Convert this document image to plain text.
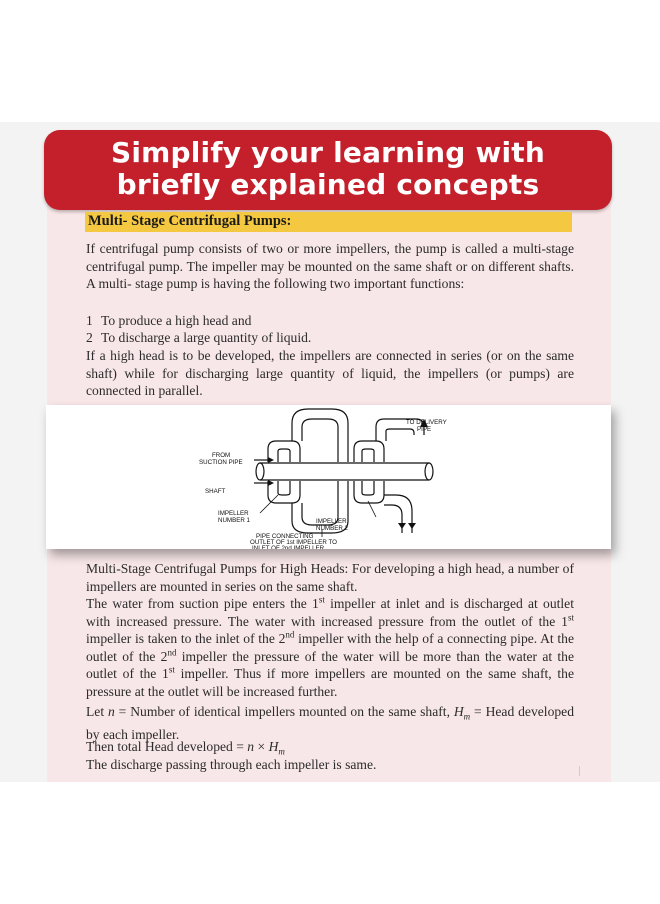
Simplify your learning with
briefly explained concepts
Multi- Stage Centrifugal Pumps:
If centrifugal pump consists of two or more impellers, the pump is called a multi-stage centrifugal pump. The impeller may be mounted on the same shaft or on different shafts. A multi- stage pump is having the following two important functions:
1 To produce a high head and
2 To discharge a large quantity of liquid.
If a high head is to be developed, the impellers are connected in series (or on the same shaft) while for discharging large quantity of liquid, the impellers (or pumps) are connected in parallel.
TO DELIVERY
PIPE
FROM
SUCTION PIPE
SHAFT
IMPELLER
NUMBER 1	IMPELLER
NUMBER 2
PIPE CONNECTING
OUTLET OF 1st IMPELLER TO
INLET OF 2nd IMPELLER
Multi-Stage Centrifugal Pumps for High Heads: For developing a high head, a number of impellers are mounted in series on the same shaft.
The water from suction pipe enters the 1st impeller at inlet and is discharged at outlet with increased pressure. The water with increased pressure from the outlet of the 1st impeller is taken to the inlet of the 2nd impeller with the help of a connecting pipe. At the outlet of the 2nd impeller the pressure of the water will be more than the water at the outlet of the 1st impeller. Thus if more impellers are mounted on the same shaft, the pressure at the outlet will be increased further.
Let n = Number of identical impellers mounted on the same shaft, $H_m$ = Head developed by each impeller.
Then total Head developed = $n \times H_m$
The discharge passing through each impeller is same.
